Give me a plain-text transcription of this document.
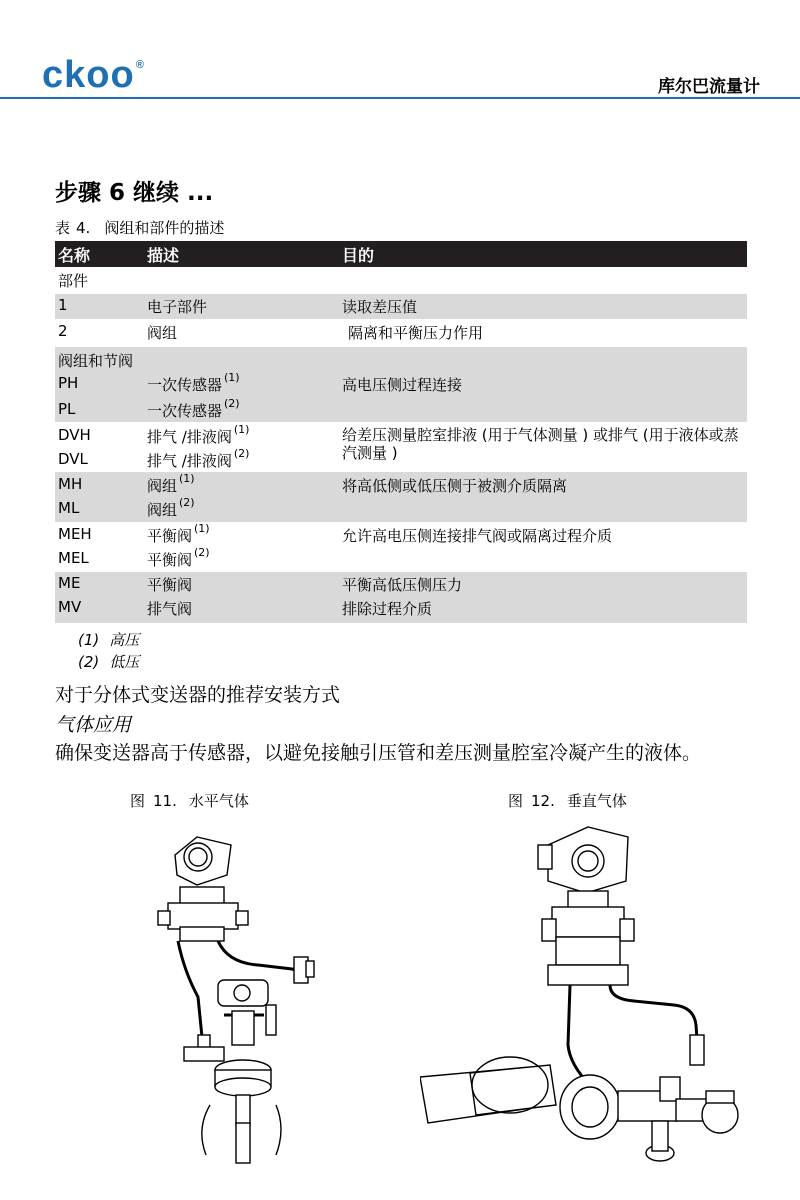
ckoo®
库尔巴流量计
步骤 6 继续 ...
表 4. 阀组和部件的描述
名称	描述	目的
部件
1	电子部件	读取差压值
2	阀组	隔离和平衡压力作用
阀组和节阀
PH	一次传感器 $^{(1)}$	高电压侧过程连接
PL	一次传感器 $^{(2)}$
DVH	排气 /排液阀 $^{(1)}$	给差压测量腔室排液 (用于气体测量 ) 或排气 (用于液体或蒸汽测量 )
DVL	排气 /排液阀 $^{(2)}$
MH	阀组 $^{(1)}$	将高低侧或低压侧于被测介质隔离
ML	阀组 $^{(2)}$
MEH	平衡阀 $^{(1)}$	允许高电压侧连接排气阀或隔离过程介质
MEL	平衡阀 $^{(2)}$
ME	平衡阀	平衡高低压侧压力
MV	排气阀	排除过程介质
(1) 高压
(2) 低压
对于分体式变送器的推荐安装方式
气体应用
确保变送器高于传感器，以避免接触引压管和差压测量腔室冷凝产生的液体。
图 11. 水平气体	图 12. 垂直气体
